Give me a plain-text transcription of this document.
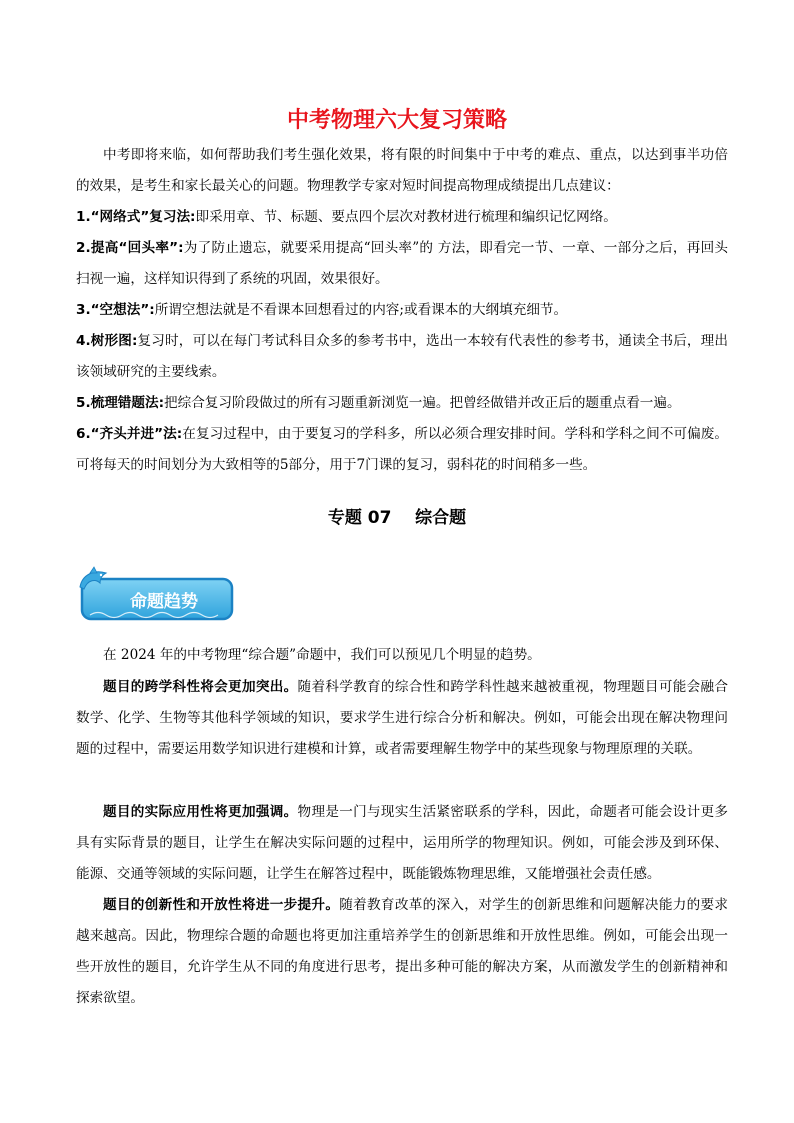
中考物理六大复习策略
中考即将来临，如何帮助我们考生强化效果，将有限的时间集中于中考的难点、重点，以达到事半功倍的效果，是考生和家长最关心的问题。物理教学专家对短时间提高物理成绩提出几点建议：
1.“网络式”复习法:即采用章、节、标题、要点四个层次对教材进行梳理和编织记忆网络。
2.提高“回头率”:为了防止遗忘，就要采用提高“回头率”的 方法，即看完一节、一章、一部分之后，再回头扫视一遍，这样知识得到了系统的巩固，效果很好。
3.“空想法”:所谓空想法就是不看课本回想看过的内容;或看课本的大纲填充细节。
4.树形图:复习时，可以在每门考试科目众多的参考书中，选出一本较有代表性的参考书，通读全书后，理出该领域研究的主要线索。
5.梳理错题法:把综合复习阶段做过的所有习题重新浏览一遍。把曾经做错并改正后的题重点看一遍。
6.“齐头并进”法:在复习过程中，由于要复习的学科多，所以必须合理安排时间。学科和学科之间不可偏废。可将每天的时间划分为大致相等的5部分，用于7门课的复习，弱科花的时间稍多一些。
专题 07    综合题
命题趋势
在 2024 年的中考物理“综合题”命题中，我们可以预见几个明显的趋势。
题目的跨学科性将会更加突出。随着科学教育的综合性和跨学科性越来越被重视，物理题目可能会融合数学、化学、生物等其他科学领域的知识，要求学生进行综合分析和解决。例如，可能会出现在解决物理问题的过程中，需要运用数学知识进行建模和计算，或者需要理解生物学中的某些现象与物理原理的关联。
题目的实际应用性将更加强调。物理是一门与现实生活紧密联系的学科，因此，命题者可能会设计更多具有实际背景的题目，让学生在解决实际问题的过程中，运用所学的物理知识。例如，可能会涉及到环保、能源、交通等领域的实际问题，让学生在解答过程中，既能锻炼物理思维，又能增强社会责任感。
题目的创新性和开放性将进一步提升。随着教育改革的深入，对学生的创新思维和问题解决能力的要求越来越高。因此，物理综合题的命题也将更加注重培养学生的创新思维和开放性思维。例如，可能会出现一些开放性的题目，允许学生从不同的角度进行思考，提出多种可能的解决方案，从而激发学生的创新精神和探索欲望。
